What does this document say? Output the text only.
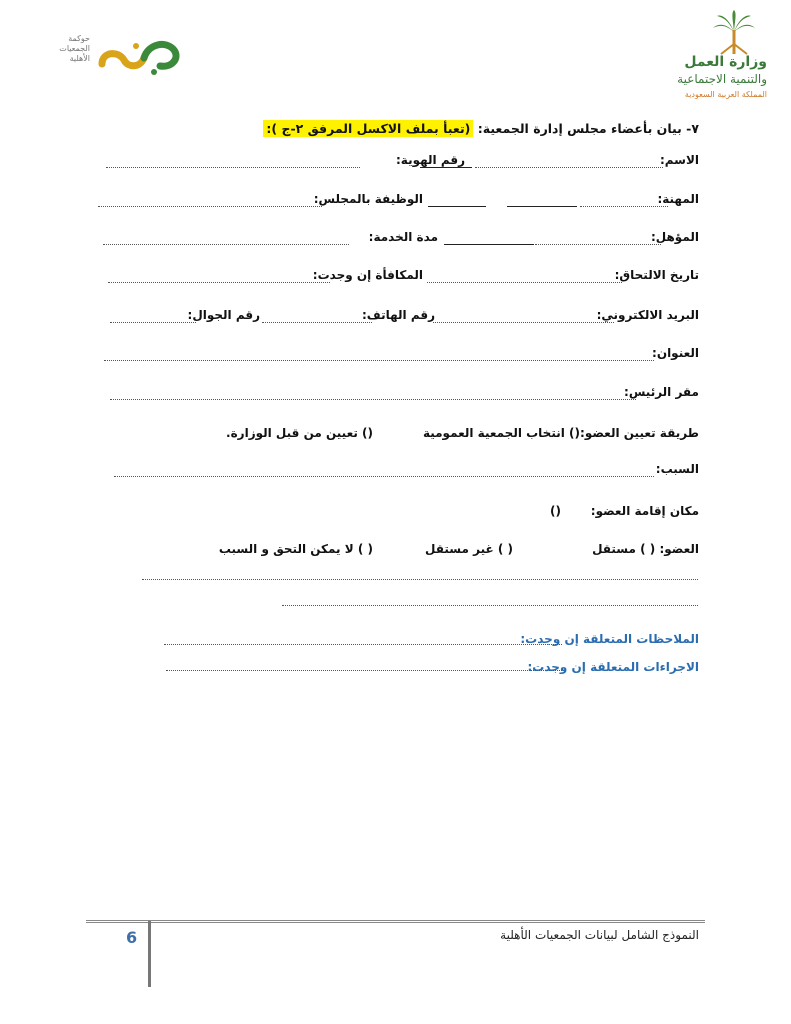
وزارة العمل
والتنمية الاجتماعية
المملكة العربية السعودية
حوكمة الجمعيات الأهلية
٧- بيان بأعضاء مجلس إدارة الجمعية: (تعبأ بملف الاكسل المرفق ٢-ج ):
الاسم:
رقم الهوية:
المهنة:
الوظيفة بالمجلس:
المؤهل:
مدة الخدمة:
تاريخ الالتحاق:
المكافأة إن وجدت:
البريد الالكتروني:
رقم الهاتف:
رقم الجوال:
العنوان:
مقر الرئيس:
طريقة تعيين العضو:
() انتخاب الجمعية العمومية
() تعيين من قبل الوزارة.
السبب:
مكان إقامة العضو:
()
العضو: ( ) مستقل
( ) غير مستقل
( ) لا يمكن التحق و السبب
الملاحظات المتعلقة إن وجدت:
الاجراءات المتعلقة إن وجدت:
النموذج الشامل لبيانات الجمعيات الأهلية
6
